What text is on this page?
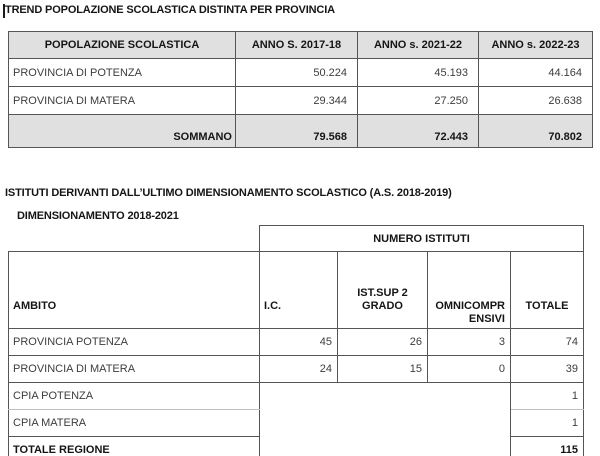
TREND POPOLAZIONE SCOLASTICA DISTINTA PER PROVINCIA
POPOLAZIONE SCOLASTICA	ANNO S. 2017-18	ANNO s. 2021-22	ANNO s. 2022-23
PROVINCIA DI POTENZA	50.224	45.193	44.164
PROVINCIA DI MATERA	29.344	27.250	26.638
SOMMANO	79.568	72.443	70.802
ISTITUTI DERIVANTI DALL’ULTIMO DIMENSIONAMENTO SCOLASTICO (A.S. 2018-2019)
DIMENSIONAMENTO 2018-2021
	NUMERO ISTITUTI			
AMBITO	I.C.	IST.SUP 2 GRADO	OMNICOMPRENSIVI	TOTALE
PROVINCIA POTENZA	45	26	3	74
PROVINCIA DI MATERA	24	15	0	39
CPIA POTENZA				1
CPIA MATERA				1
TOTALE REGIONE				115
